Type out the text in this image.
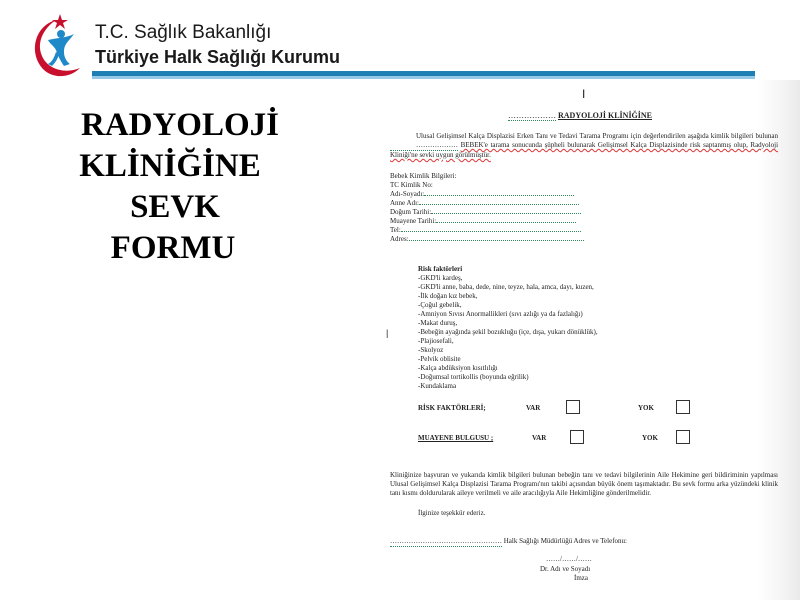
T.C. Sağlık Bakanlığı
Türkiye Halk Sağlığı Kurumu
RADYOLOJİ
KLİNİĞİNE
SEVK
FORMU
I
……………… RADYOLOJİ KLİNİĞİNE
Ulusal Gelişimsel Kalça Displazisi Erken Tanı ve Tedavi Tarama Programı için değerlendirilen aşağıda kimlik bilgileri bulunan ……………… BEBEK'e tarama sonucunda şüpheli bulunarak Gelişimsel Kalça Displazisinde risk saptanmış olup, Radyoloji Kliniği'ne sevki uygun görülmüştür.
Bebek Kimlik Bilgileri:
TC Kimlik No:
Adı-Soyadı:
Anne Adı:
Doğum Tarihi:
Muayene Tarihi:
Tel:
Adres:
Risk faktörleri
-GKD'li kardeş,
-GKD'li anne, baba, dede, nine, teyze, hala, amca, dayı, kuzen,
-İlk doğan kız bebek,
-Çoğul gebelik,
-Amniyon Sıvısı Anormallikleri (sıvı azlığı ya da fazlalığı)
-Makat duruş,
-Bebeğin ayağında şekil bozukluğu (içe, dışa, yukarı dönüklük),
-Plajiosefali,
-Skolyoz
-Pelvik oblisite
-Kalça abdüksiyon kısıtlılığı
-Doğumsal tortikollis (boyunda eğrilik)
-Kundaklama
|
RİSK FAKTÖRLERİ;	VAR	YOK
MUAYENE BULGUSU ;	VAR	YOK
Kliniğinize başvuran ve yukarıda kimlik bilgileri bulunan bebeğin tanı ve tedavi bilgilerinin Aile Hekimine geri bildiriminin yapılması Ulusal Gelişimsel Kalça Displazisi Tarama Programı'nın takibi açısından büyük önem taşımaktadır. Bu sevk formu arka yüzündeki klinik tanı kısmı doldurularak aileye verilmeli ve aile aracılığıyla Aile Hekimliğine gönderilmelidir.
İlginize teşekkür ederiz.
………………………………………… Halk Sağlığı Müdürlüğü Adres ve Telefonu:
……/……/……
Dr. Adı ve Soyadı
İmza
